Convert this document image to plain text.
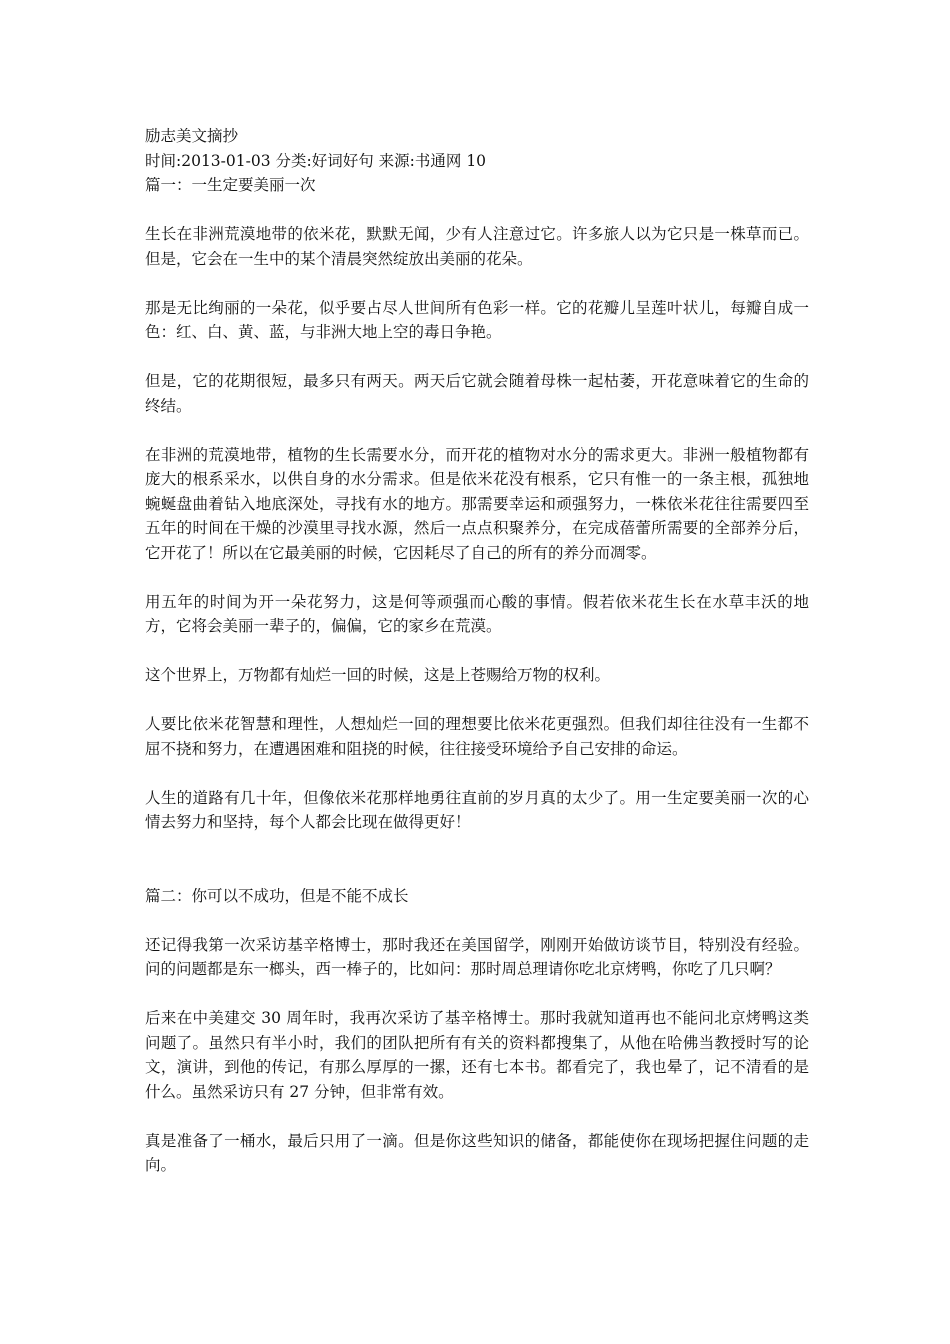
励志美文摘抄

时间:2013-01-03 分类:好词好句 来源:书通网 10

篇一：一生定要美丽一次

生长在非洲荒漠地带的依米花，默默无闻，少有人注意过它。许多旅人以为它只是一株草而已。但是，它会在一生中的某个清晨突然绽放出美丽的花朵。

那是无比绚丽的一朵花，似乎要占尽人世间所有色彩一样。它的花瓣儿呈莲叶状儿，每瓣自成一色：红、白、黄、蓝，与非洲大地上空的毒日争艳。

但是，它的花期很短，最多只有两天。两天后它就会随着母株一起枯萎，开花意味着它的生命的终结。

在非洲的荒漠地带，植物的生长需要水分，而开花的植物对水分的需求更大。非洲一般植物都有庞大的根系采水，以供自身的水分需求。但是依米花没有根系，它只有惟一的一条主根，孤独地蜿蜒盘曲着钻入地底深处，寻找有水的地方。那需要幸运和顽强努力，一株依米花往往需要四至五年的时间在干燥的沙漠里寻找水源，然后一点点积聚养分，在完成蓓蕾所需要的全部养分后，它开花了！所以在它最美丽的时候，它因耗尽了自己的所有的养分而凋零。

用五年的时间为开一朵花努力，这是何等顽强而心酸的事情。假若依米花生长在水草丰沃的地方，它将会美丽一辈子的，偏偏，它的家乡在荒漠。

这个世界上，万物都有灿烂一回的时候，这是上苍赐给万物的权利。

人要比依米花智慧和理性，人想灿烂一回的理想要比依米花更强烈。但我们却往往没有一生都不屈不挠和努力，在遭遇困难和阻挠的时候，往往接受环境给予自己安排的命运。

人生的道路有几十年，但像依米花那样地勇往直前的岁月真的太少了。用一生定要美丽一次的心情去努力和坚持，每个人都会比现在做得更好！

篇二：你可以不成功，但是不能不成长

还记得我第一次采访基辛格博士，那时我还在美国留学，刚刚开始做访谈节目，特别没有经验。问的问题都是东一榔头，西一棒子的，比如问：那时周总理请你吃北京烤鸭，你吃了几只啊？

后来在中美建交 30 周年时，我再次采访了基辛格博士。那时我就知道再也不能问北京烤鸭这类问题了。虽然只有半小时，我们的团队把所有有关的资料都搜集了，从他在哈佛当教授时写的论文，演讲，到他的传记，有那么厚厚的一摞，还有七本书。都看完了，我也晕了，记不清看的是什么。虽然采访只有 27 分钟，但非常有效。

真是准备了一桶水，最后只用了一滴。但是你这些知识的储备，都能使你在现场把握住问题的走向。
